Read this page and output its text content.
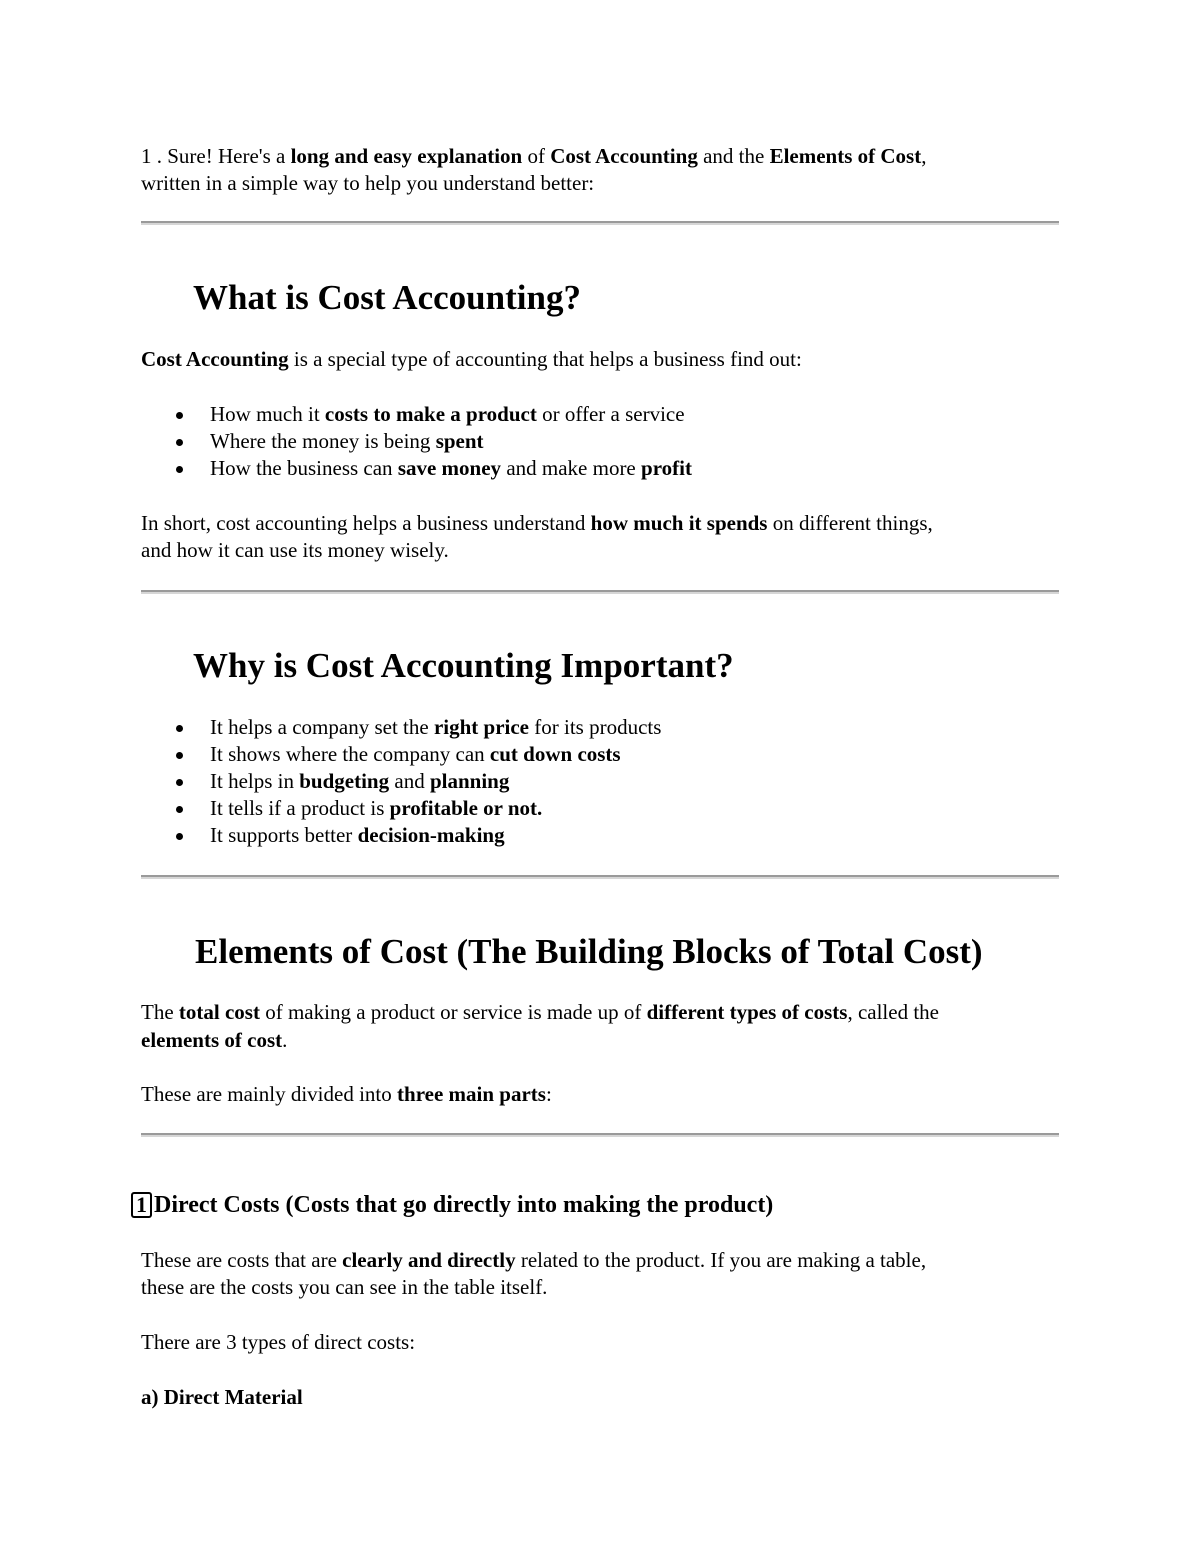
1 . Sure! Here's a long and easy explanation of Cost Accounting and the Elements of Cost,
written in a simple way to help you understand better:
What is Cost Accounting?
Cost Accounting is a special type of accounting that helps a business find out:
How much it costs to make a product or offer a service
Where the money is being spent
How the business can save money and make more profit
In short, cost accounting helps a business understand how much it spends on different things,
and how it can use its money wisely.
Why is Cost Accounting Important?
It helps a company set the right price for its products
It shows where the company can cut down costs
It helps in budgeting and planning
It tells if a product is profitable or not.
It supports better decision-making
Elements of Cost (The Building Blocks of Total Cost)
The total cost of making a product or service is made up of different types of costs, called the
elements of cost.
These are mainly divided into three main parts:
1 Direct Costs (Costs that go directly into making the product)
These are costs that are clearly and directly related to the product. If you are making a table,
these are the costs you can see in the table itself.
There are 3 types of direct costs:
a) Direct Material
